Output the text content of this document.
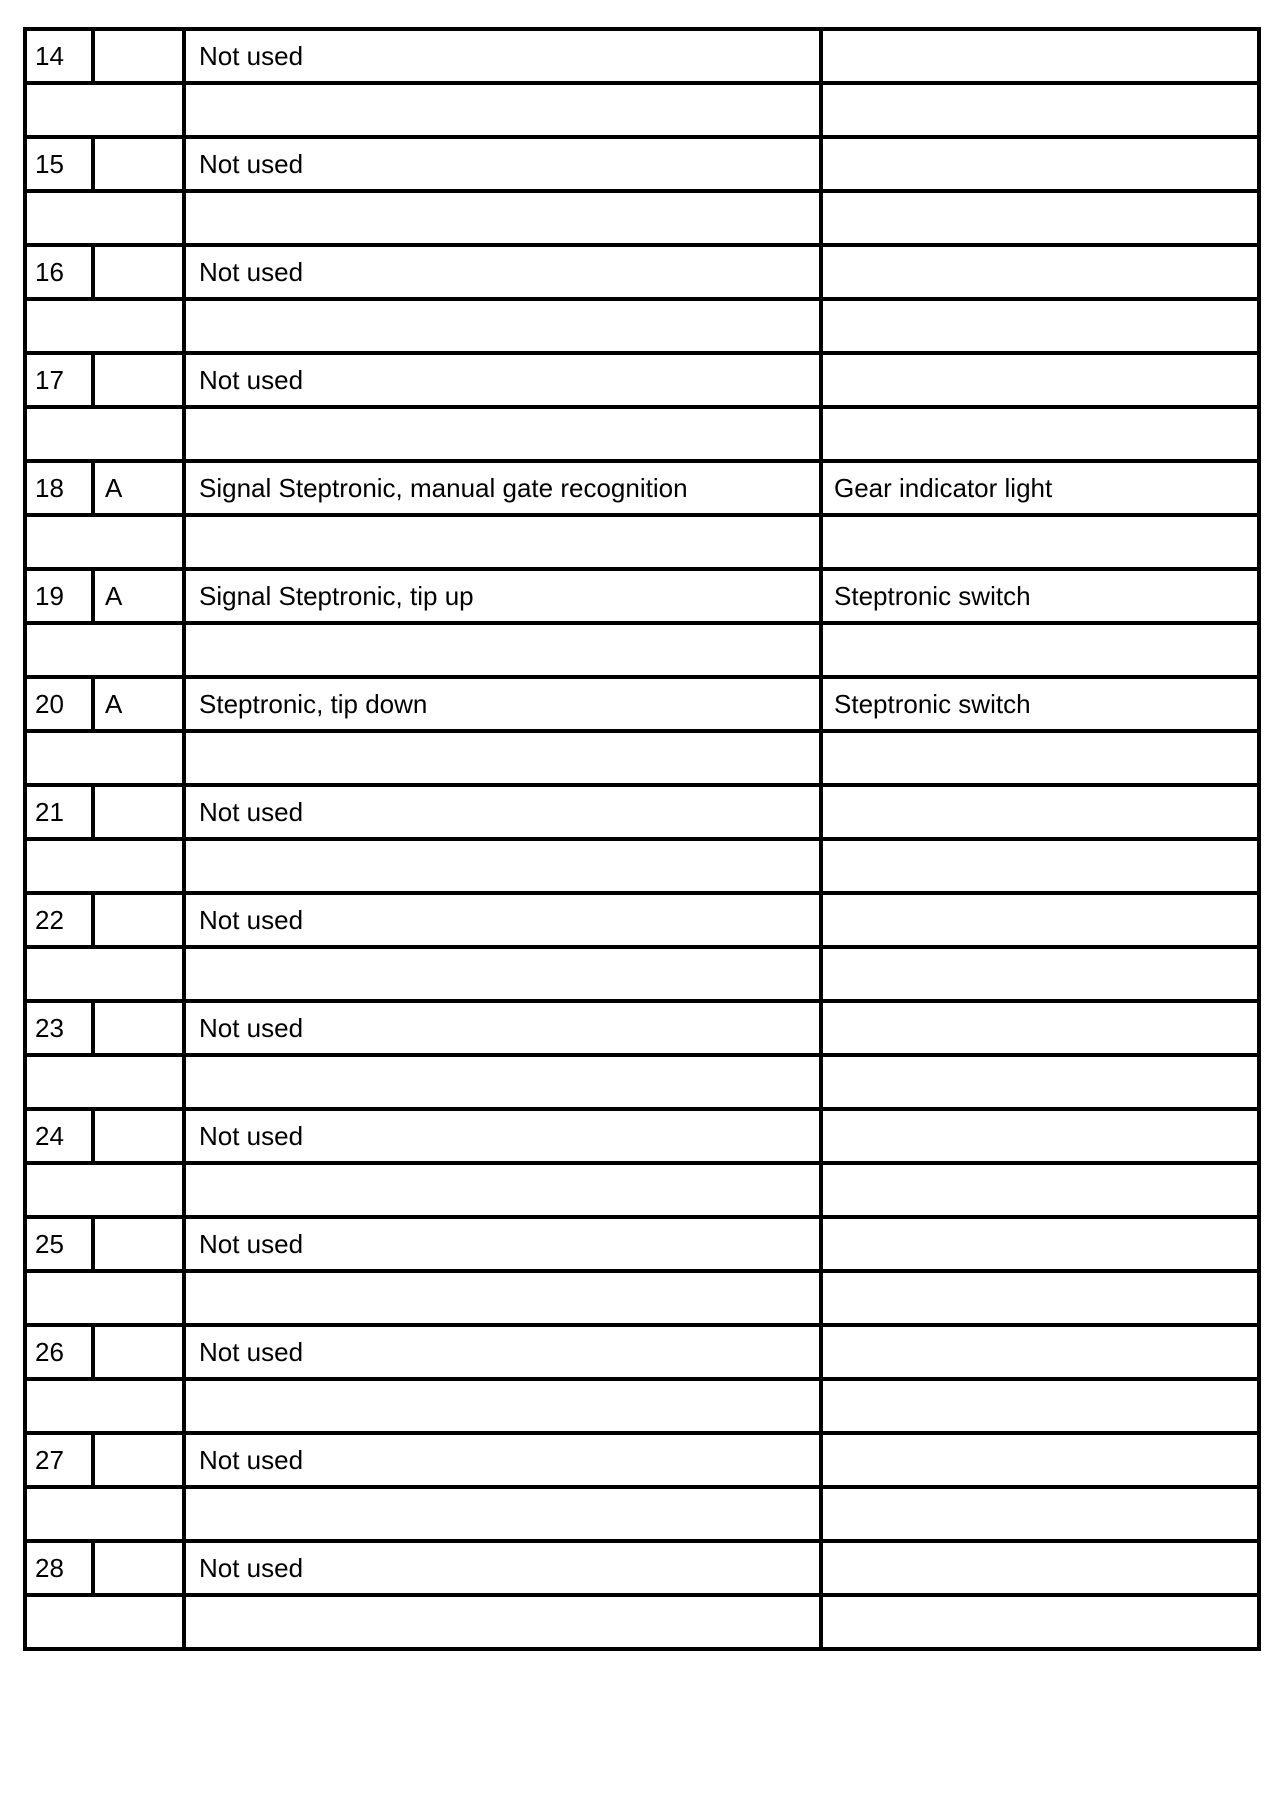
14		Not used	

15		Not used	

16		Not used	

17		Not used	

18	A	Signal Steptronic, manual gate recognition	Gear indicator light

19	A	Signal Steptronic, tip up	Steptronic switch

20	A	Steptronic, tip down	Steptronic switch

21		Not used	

22		Not used	

23		Not used	

24		Not used	

25		Not used	

26		Not used	

27		Not used	

28		Not used	
